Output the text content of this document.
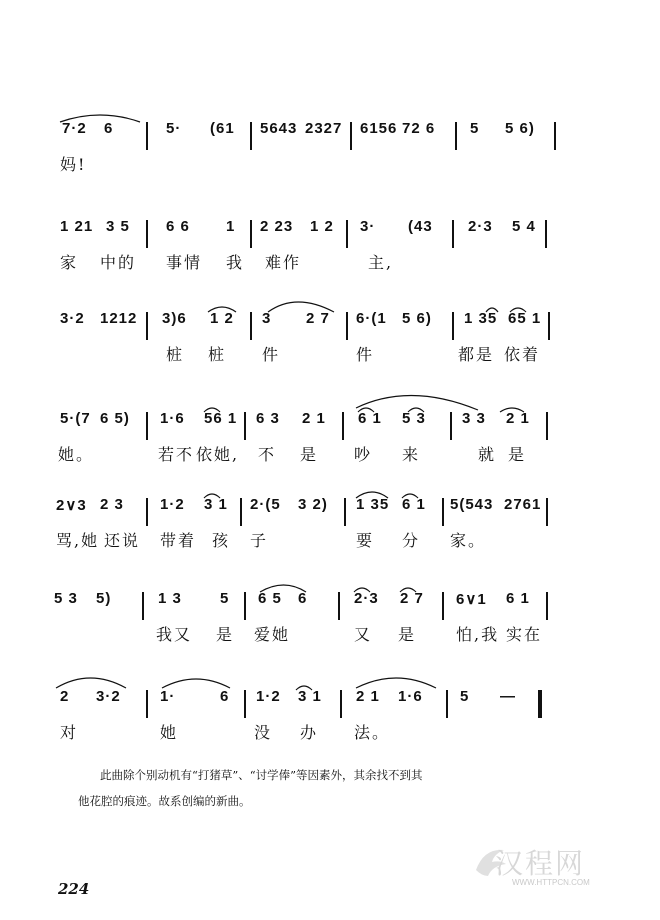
7·2 6	5· (61 5643 2327 6156 72 6 5 5 6)
妈!
1 21 3 5 6 6 1 2 23 1 2 3· (43 2·3 5 4
家 中的 事情 我 难作	主,
3·2 1212 3)6 1 2 3 2 7 6·(1 5 6) 1 35 65 1
桩 桩 件	件	都是 依着
5·(7 6 5) 1·6 56 1 6 3 2 1 6 1 5 3 3 3 2 1
她。	若不 依她, 不 是 吵 来	就 是
2∨3 2 3 1·2 3 1 2·(5 3 2) 1 35 6 1 5(543 2761
骂,她 还说 带着 孩 子	要 分 家。
5 3 5)	1 3	5 6 5 6	2·3 2 7 6∨1 6 1
我又 是 爱她	又 是 怕,我 实在
2 3·2	1·	6 1·2 3 1 2 1 1·6 5 —
对	她	没 办 法。
此曲除个别动机有“打猪草”、“讨学俸”等因素外，其余找不到其
他花腔的痕迹。故系创编的新曲。
224
汉程网
WWW.HTTPCN.COM
